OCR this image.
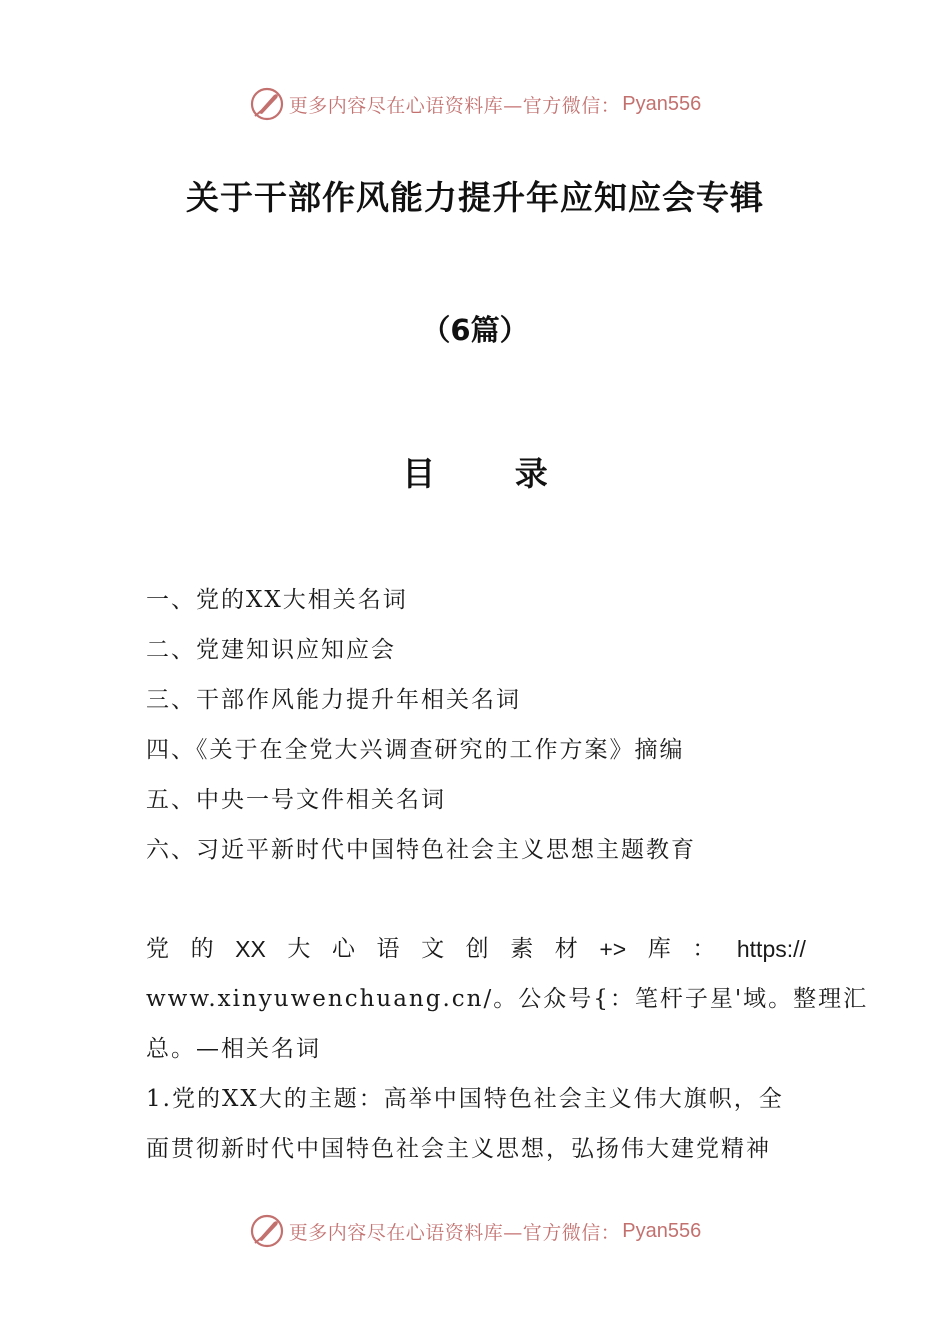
更多内容尽在心语资料库—官方微信： Pyan556
关于干部作风能力提升年应知应会专辑
（6篇）
目 录
一、党的XX大相关名词
二、党建知识应知应会
三、干部作风能力提升年相关名词
四、《关于在全党大兴调查研究的工作方案》摘编
五、中央一号文件相关名词
六、习近平新时代中国特色社会主义思想主题教育
党 的 XX 大 心 语 文 创 素 材 +> 库 ： https://
www.xinyuwenchuang.cn/。公众号{：笔杆子星'域。整理汇
总。—相关名词
1.党的XX大的主题：高举中国特色社会主义伟大旗帜，全
面贯彻新时代中国特色社会主义思想，弘扬伟大建党精神
更多内容尽在心语资料库—官方微信： Pyan556
